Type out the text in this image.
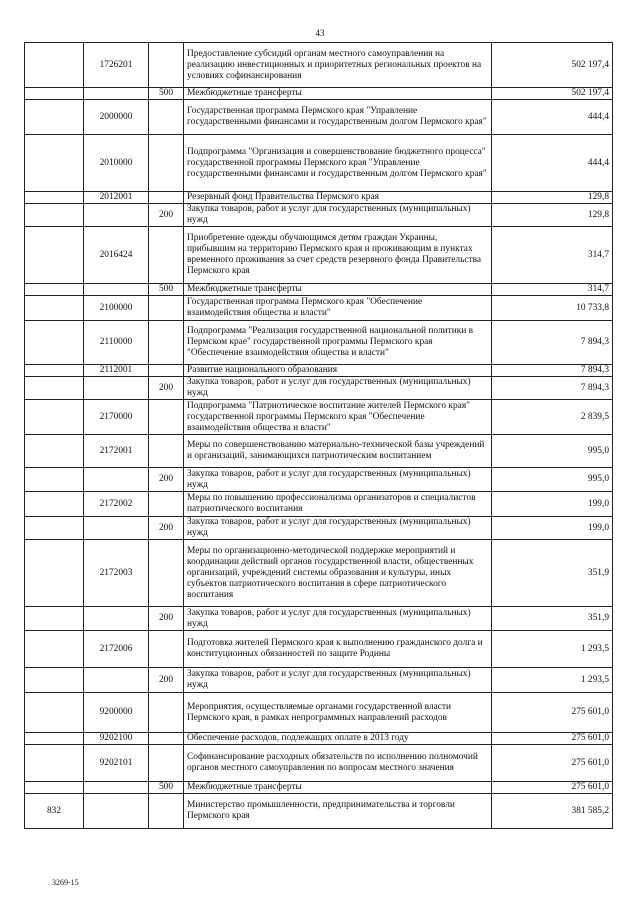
43
	1726201		Предоставление субсидий органам местного самоуправления на реализацию инвестиционных и приоритетных региональных проектов на условиях софинансирования	502 197,4
		500	Межбюджетные трансферты	502 197,4
	2000000		Государственная программа Пермского края "Управление государственными финансами и государственным долгом Пермского края"	444,4
	2010000		Подпрограмма "Организация и совершенствование бюджетного процесса" государственной программы Пермского края "Управление государственными финансами и государственным долгом Пермского края"	444,4
	2012001		Резервный фонд Правительства Пермского края	129,8
		200	Закупка товаров, работ и услуг для государственных (муниципальных) нужд	129,8
	2016424		Приобретение одежды обучающимся детям граждан Украины, прибывшим на территорию Пермского края и проживающим в пунктах временного проживания за счет средств резервного фонда Правительства Пермского края	314,7
		500	Межбюджетные трансферты	314,7
	2100000		Государственная программа Пермского края "Обеспечение взаимодействия общества и власти"	10 733,8
	2110000		Подпрограмма "Реализация государственной национальной политики в Пермском крае" государственной программы Пермского края "Обеспечение взаимодействия общества и власти"	7 894,3
	2112001		Развитие национального образования	7 894,3
		200	Закупка товаров, работ и услуг для государственных (муниципальных) нужд	7 894,3
	2170000		Подпрограмма "Патриотическое воспитание жителей Пермского края" государственной программы Пермского края "Обеспечение взаимодействия общества и власти"	2 839,5
	2172001		Меры по совершенствованию материально-технической базы учреждений и организаций, занимающихся патриотическим воспитанием	995,0
		200	Закупка товаров, работ и услуг для государственных (муниципальных) нужд	995,0
	2172002		Меры по повышению профессионализма организаторов и специалистов патриотического воспитания	199,0
		200	Закупка товаров, работ и услуг для государственных (муниципальных) нужд	199,0
	2172003		Меры по организационно-методической поддержке мероприятий и координации действий органов государственной власти, общественных организаций, учреждений системы образования и культуры, иных субъектов патриотического воспитания в сфере патриотического воспитания	351,9
		200	Закупка товаров, работ и услуг для государственных (муниципальных) нужд	351,9
	2172006		Подготовка жителей Пермского края к выполнению гражданского долга и конституционных обязанностей по защите Родины	1 293,5
		200	Закупка товаров, работ и услуг для государственных (муниципальных) нужд	1 293,5
	9200000		Мероприятия, осуществляемые органами государственной власти Пермского края, в рамках непрограммных направлений расходов	275 601,0
	9202100		Обеспечение расходов, подлежащих оплате в 2013 году	275 601,0
	9202101		Софинансирование расходных обязательств по исполнению полномочий органов местного самоуправления по вопросам местного значения	275 601,0
		500	Межбюджетные трансферты	275 601,0
832			Министерство промышленности, предпринимательства и торговли Пермского края	381 585,2
3269-15
